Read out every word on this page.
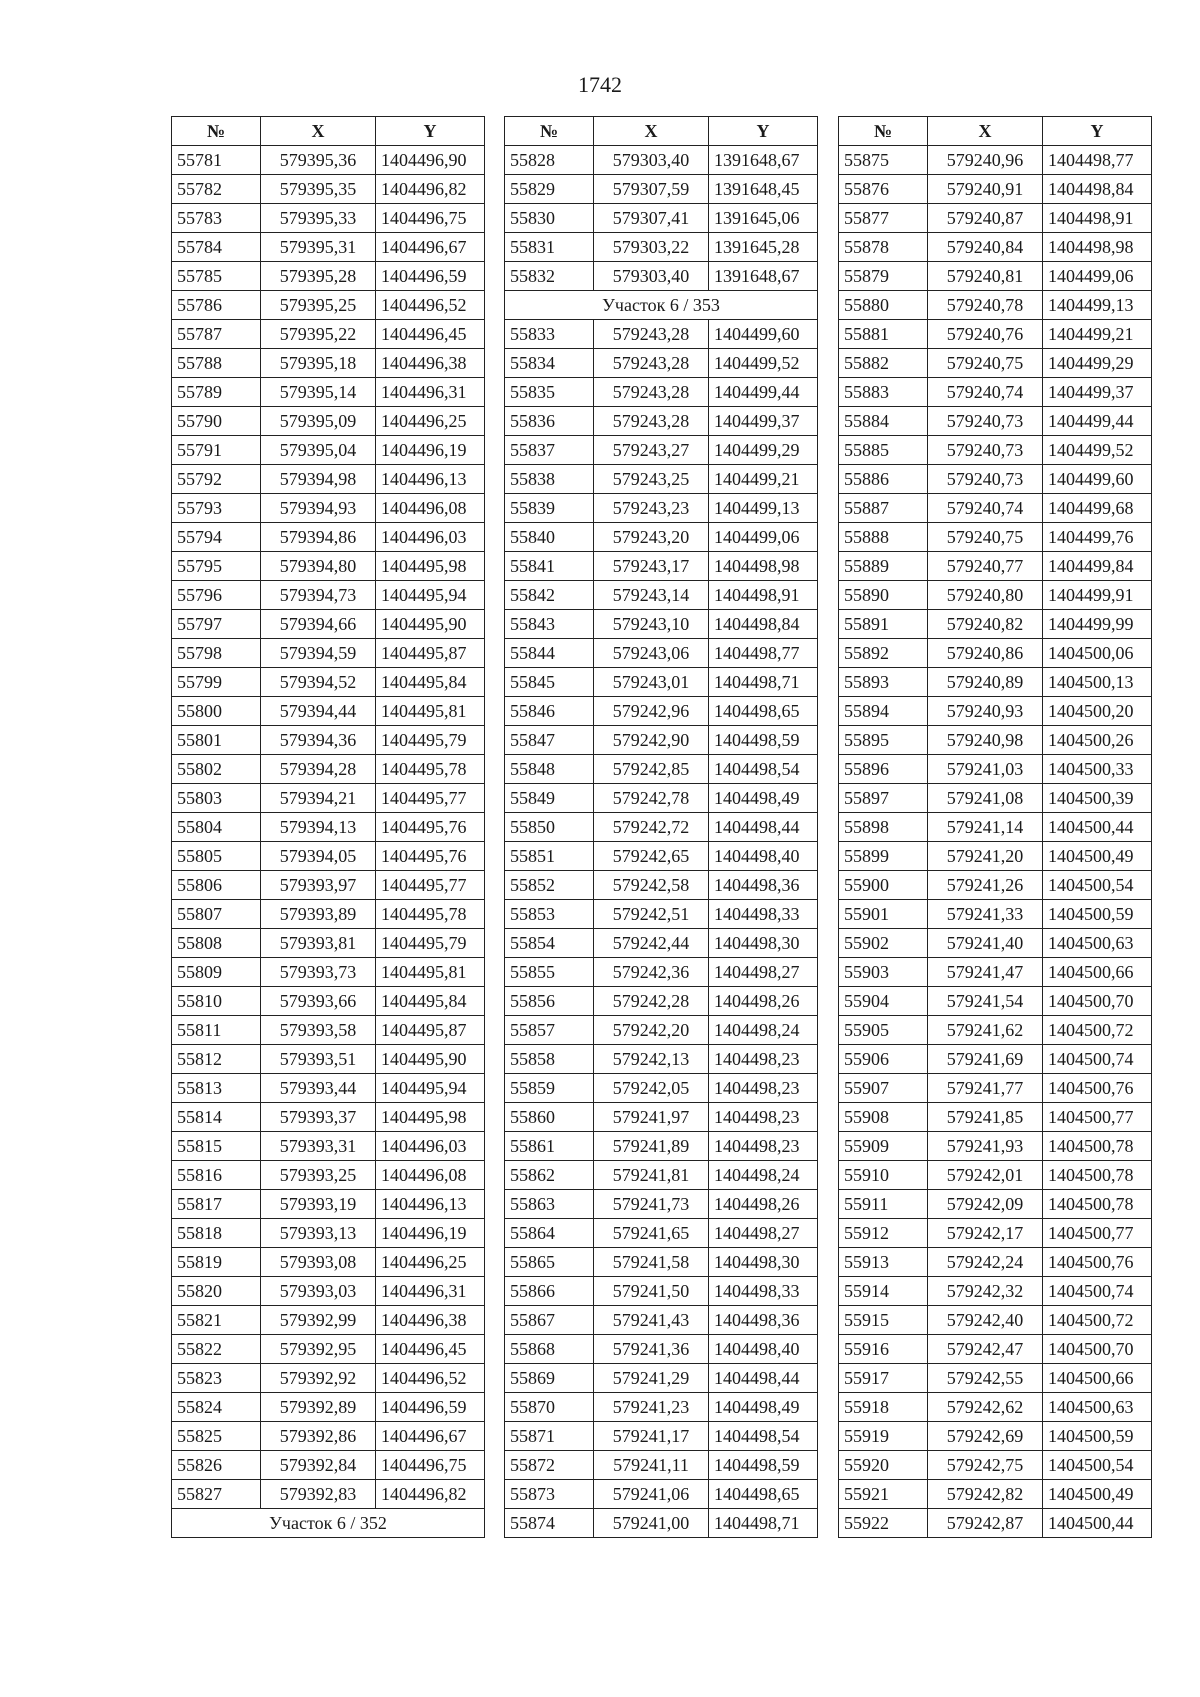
1742
№	X	Y
55781	579395,36	1404496,90
55782	579395,35	1404496,82
55783	579395,33	1404496,75
55784	579395,31	1404496,67
55785	579395,28	1404496,59
55786	579395,25	1404496,52
55787	579395,22	1404496,45
55788	579395,18	1404496,38
55789	579395,14	1404496,31
55790	579395,09	1404496,25
55791	579395,04	1404496,19
55792	579394,98	1404496,13
55793	579394,93	1404496,08
55794	579394,86	1404496,03
55795	579394,80	1404495,98
55796	579394,73	1404495,94
55797	579394,66	1404495,90
55798	579394,59	1404495,87
55799	579394,52	1404495,84
55800	579394,44	1404495,81
55801	579394,36	1404495,79
55802	579394,28	1404495,78
55803	579394,21	1404495,77
55804	579394,13	1404495,76
55805	579394,05	1404495,76
55806	579393,97	1404495,77
55807	579393,89	1404495,78
55808	579393,81	1404495,79
55809	579393,73	1404495,81
55810	579393,66	1404495,84
55811	579393,58	1404495,87
55812	579393,51	1404495,90
55813	579393,44	1404495,94
55814	579393,37	1404495,98
55815	579393,31	1404496,03
55816	579393,25	1404496,08
55817	579393,19	1404496,13
55818	579393,13	1404496,19
55819	579393,08	1404496,25
55820	579393,03	1404496,31
55821	579392,99	1404496,38
55822	579392,95	1404496,45
55823	579392,92	1404496,52
55824	579392,89	1404496,59
55825	579392,86	1404496,67
55826	579392,84	1404496,75
55827	579392,83	1404496,82
Участок 6 / 352		
№	X	Y
55828	579303,40	1391648,67
55829	579307,59	1391648,45
55830	579307,41	1391645,06
55831	579303,22	1391645,28
55832	579303,40	1391648,67
Участок 6 / 353		
55833	579243,28	1404499,60
55834	579243,28	1404499,52
55835	579243,28	1404499,44
55836	579243,28	1404499,37
55837	579243,27	1404499,29
55838	579243,25	1404499,21
55839	579243,23	1404499,13
55840	579243,20	1404499,06
55841	579243,17	1404498,98
55842	579243,14	1404498,91
55843	579243,10	1404498,84
55844	579243,06	1404498,77
55845	579243,01	1404498,71
55846	579242,96	1404498,65
55847	579242,90	1404498,59
55848	579242,85	1404498,54
55849	579242,78	1404498,49
55850	579242,72	1404498,44
55851	579242,65	1404498,40
55852	579242,58	1404498,36
55853	579242,51	1404498,33
55854	579242,44	1404498,30
55855	579242,36	1404498,27
55856	579242,28	1404498,26
55857	579242,20	1404498,24
55858	579242,13	1404498,23
55859	579242,05	1404498,23
55860	579241,97	1404498,23
55861	579241,89	1404498,23
55862	579241,81	1404498,24
55863	579241,73	1404498,26
55864	579241,65	1404498,27
55865	579241,58	1404498,30
55866	579241,50	1404498,33
55867	579241,43	1404498,36
55868	579241,36	1404498,40
55869	579241,29	1404498,44
55870	579241,23	1404498,49
55871	579241,17	1404498,54
55872	579241,11	1404498,59
55873	579241,06	1404498,65
55874	579241,00	1404498,71
№	X	Y
55875	579240,96	1404498,77
55876	579240,91	1404498,84
55877	579240,87	1404498,91
55878	579240,84	1404498,98
55879	579240,81	1404499,06
55880	579240,78	1404499,13
55881	579240,76	1404499,21
55882	579240,75	1404499,29
55883	579240,74	1404499,37
55884	579240,73	1404499,44
55885	579240,73	1404499,52
55886	579240,73	1404499,60
55887	579240,74	1404499,68
55888	579240,75	1404499,76
55889	579240,77	1404499,84
55890	579240,80	1404499,91
55891	579240,82	1404499,99
55892	579240,86	1404500,06
55893	579240,89	1404500,13
55894	579240,93	1404500,20
55895	579240,98	1404500,26
55896	579241,03	1404500,33
55897	579241,08	1404500,39
55898	579241,14	1404500,44
55899	579241,20	1404500,49
55900	579241,26	1404500,54
55901	579241,33	1404500,59
55902	579241,40	1404500,63
55903	579241,47	1404500,66
55904	579241,54	1404500,70
55905	579241,62	1404500,72
55906	579241,69	1404500,74
55907	579241,77	1404500,76
55908	579241,85	1404500,77
55909	579241,93	1404500,78
55910	579242,01	1404500,78
55911	579242,09	1404500,78
55912	579242,17	1404500,77
55913	579242,24	1404500,76
55914	579242,32	1404500,74
55915	579242,40	1404500,72
55916	579242,47	1404500,70
55917	579242,55	1404500,66
55918	579242,62	1404500,63
55919	579242,69	1404500,59
55920	579242,75	1404500,54
55921	579242,82	1404500,49
55922	579242,87	1404500,44
